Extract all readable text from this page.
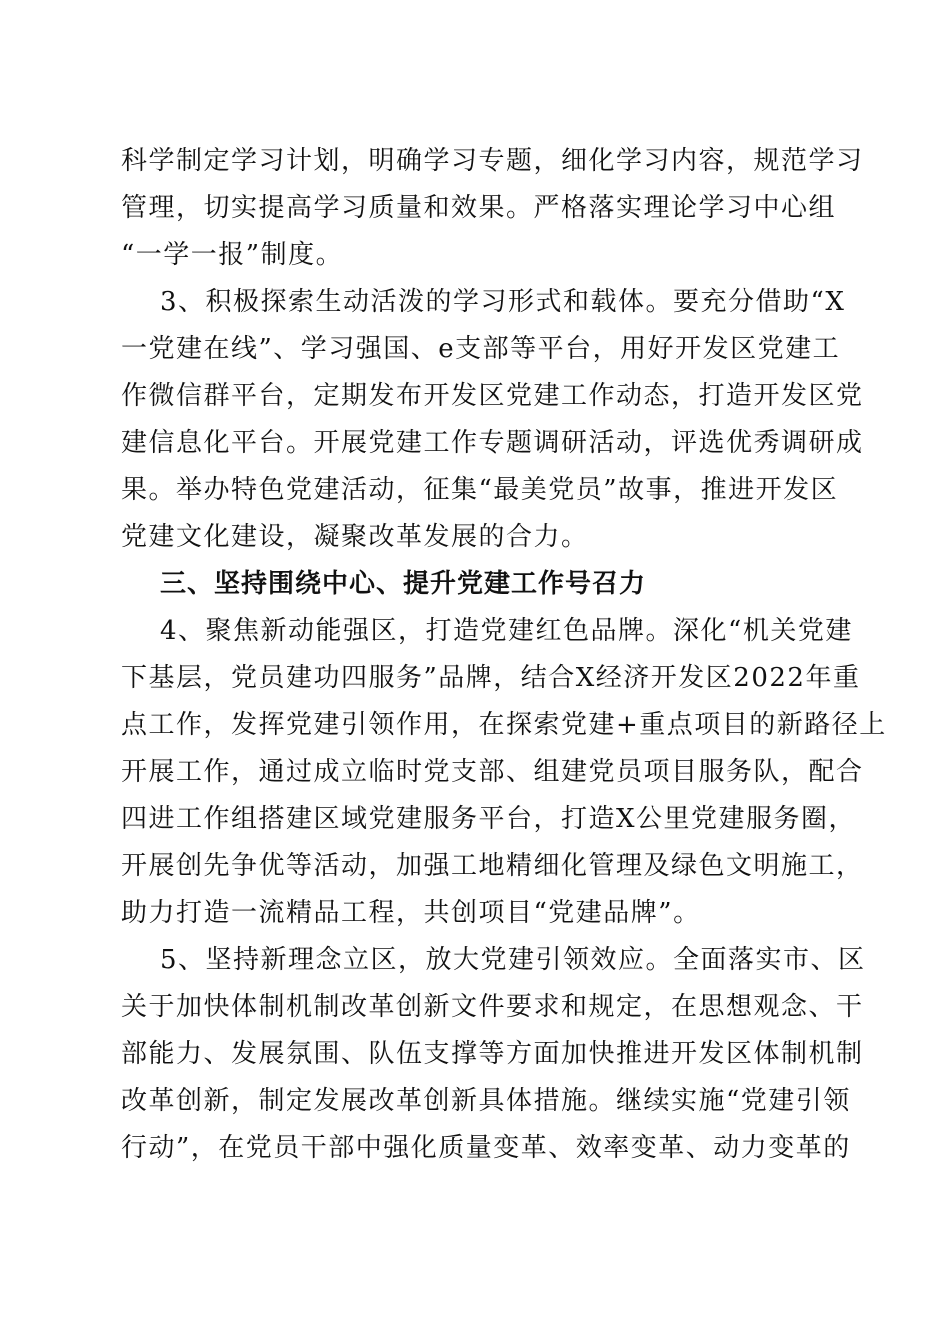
科学制定学习计划，明确学习专题，细化学习内容，规范学习

管理，切实提高学习质量和效果。严格落实理论学习中心组

“一学一报”制度。

3、积极探索生动活泼的学习形式和载体。要充分借助“X

一党建在线”、学习强国、e支部等平台，用好开发区党建工

作微信群平台，定期发布开发区党建工作动态，打造开发区党

建信息化平台。开展党建工作专题调研活动，评选优秀调研成

果。举办特色党建活动，征集“最美党员”故事，推进开发区

党建文化建设，凝聚改革发展的合力。

三、坚持围绕中心、提升党建工作号召力

4、聚焦新动能强区，打造党建红色品牌。深化“机关党建

下基层，党员建功四服务”品牌，结合X经济开发区2022年重

点工作，发挥党建引领作用，在探索党建+重点项目的新路径上

开展工作，通过成立临时党支部、组建党员项目服务队，配合

四进工作组搭建区域党建服务平台，打造X公里党建服务圈，

开展创先争优等活动，加强工地精细化管理及绿色文明施工，

助力打造一流精品工程，共创项目“党建品牌”。

5、坚持新理念立区，放大党建引领效应。全面落实市、区

关于加快体制机制改革创新文件要求和规定，在思想观念、干

部能力、发展氛围、队伍支撑等方面加快推进开发区体制机制

改革创新，制定发展改革创新具体措施。继续实施“党建引领

行动”，在党员干部中强化质量变革、效率变革、动力变革的
